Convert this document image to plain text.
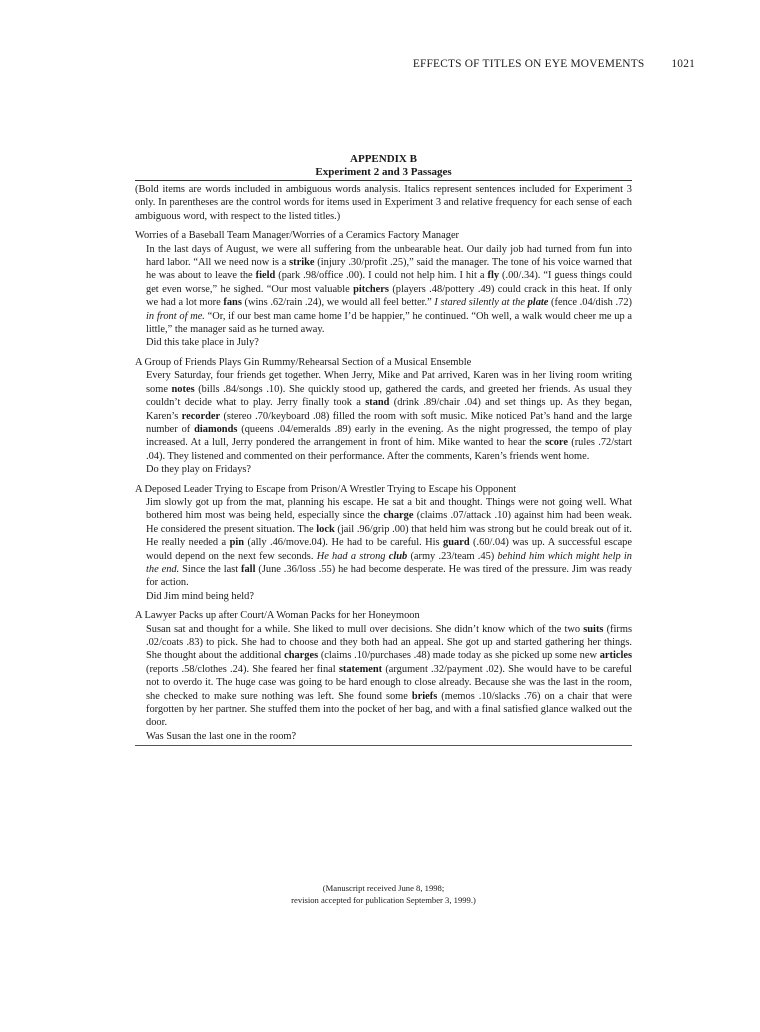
EFFECTS OF TITLES ON EYE MOVEMENTS 1021
APPENDIX B
Experiment 2 and 3 Passages
(Bold items are words included in ambiguous words analysis. Italics represent sentences included for Experiment 3 only. In parentheses are the control words for items used in Experiment 3 and relative frequency for each sense of each ambiguous word, with respect to the listed titles.)
Worries of a Baseball Team Manager/Worries of a Ceramics Factory Manager
In the last days of August, we were all suffering from the unbearable heat. Our daily job had turned from fun into hard labor. “All we need now is a strike (injury .30/profit .25),” said the manager. The tone of his voice warned that he was about to leave the field (park .98/office .00). I could not help him. I hit a fly (.00/.34). “I guess things could get even worse,” he sighed. “Our most valuable pitchers (players .48/pottery .49) could crack in this heat. If only we had a lot more fans (wins .62/rain .24), we would all feel better.” I stared silently at the plate (fence .04/dish .72) in front of me. “Or, if our best man came home I’d be happier,” he continued. “Oh well, a walk would cheer me up a little,” the manager said as he turned away.
Did this take place in July?
A Group of Friends Plays Gin Rummy/Rehearsal Section of a Musical Ensemble
Every Saturday, four friends get together. When Jerry, Mike and Pat arrived, Karen was in her living room writing some notes (bills .84/songs .10). She quickly stood up, gathered the cards, and greeted her friends. As usual they couldn’t decide what to play. Jerry finally took a stand (drink .89/chair .04) and set things up. As they began, Karen’s recorder (stereo .70/keyboard .08) filled the room with soft music. Mike noticed Pat’s hand and the large number of diamonds (queens .04/emeralds .89) early in the evening. As the night progressed, the tempo of play increased. At a lull, Jerry pondered the arrangement in front of him. Mike wanted to hear the score (rules .72/start .04). They listened and commented on their performance. After the comments, Karen’s friends went home.
Do they play on Fridays?
A Deposed Leader Trying to Escape from Prison/A Wrestler Trying to Escape his Opponent
Jim slowly got up from the mat, planning his escape. He sat a bit and thought. Things were not going well. What bothered him most was being held, especially since the charge (claims .07/attack .10) against him had been weak. He considered the present situation. The lock (jail .96/grip .00) that held him was strong but he could break out of it. He really needed a pin (ally .46/move.04). He had to be careful. His guard (.60/.04) was up. A successful escape would depend on the next few seconds. He had a strong club (army .23/team .45) behind him which might help in the end. Since the last fall (June .36/loss .55) he had become desperate. He was tired of the pressure. Jim was ready for action.
Did Jim mind being held?
A Lawyer Packs up after Court/A Woman Packs for her Honeymoon
Susan sat and thought for a while. She liked to mull over decisions. She didn’t know which of the two suits (firms .02/coats .83) to pick. She had to choose and they both had an appeal. She got up and started gathering her things. She thought about the additional charges (claims .10/purchases .48) made today as she picked up some new articles (reports .58/clothes .24). She feared her final statement (argument .32/payment .02). She would have to be careful not to overdo it. The huge case was going to be hard enough to close already. Because she was the last in the room, she checked to make sure nothing was left. She found some briefs (memos .10/slacks .76) on a chair that were forgotten by her partner. She stuffed them into the pocket of her bag, and with a final satisfied glance walked out the door.
Was Susan the last one in the room?
(Manuscript received June 8, 1998;
revision accepted for publication September 3, 1999.)
